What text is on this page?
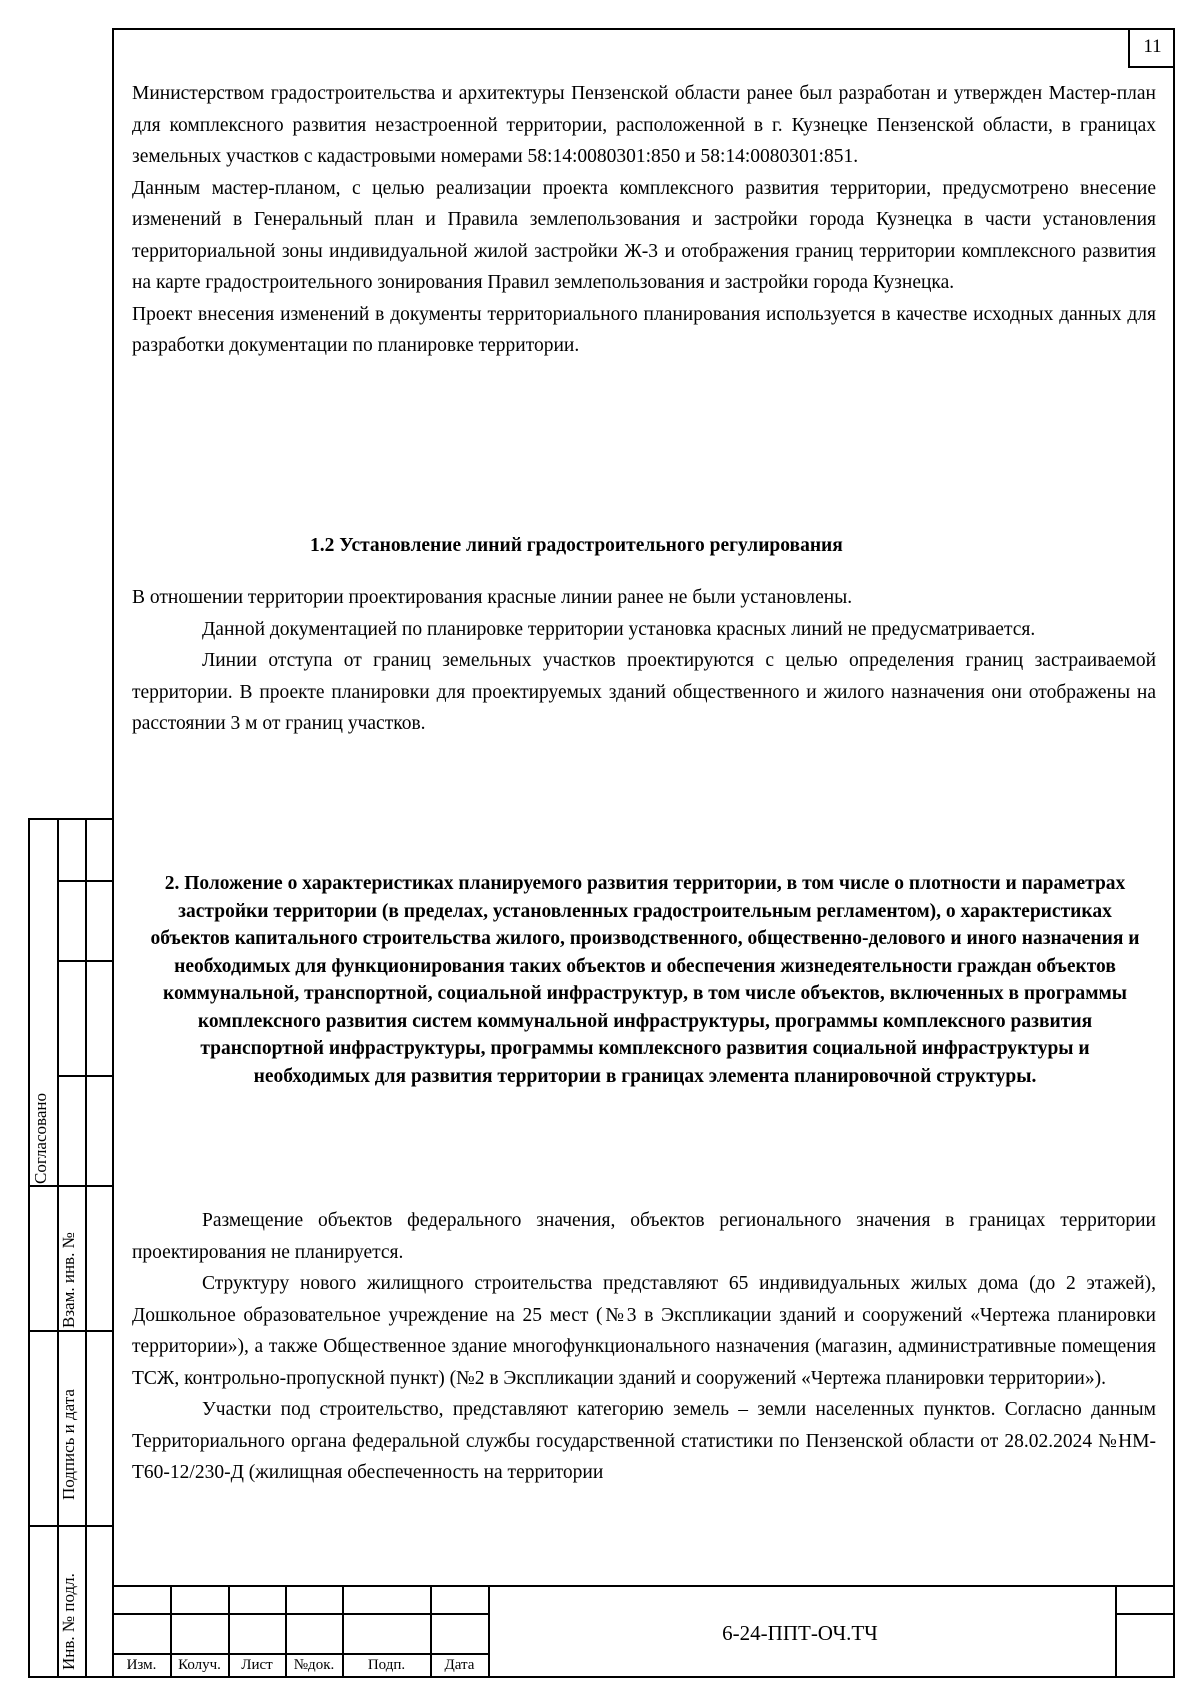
11

Министерством градостроительства и архитектуры Пензенской области ранее был разработан и утвержден Мастер-план для комплексного развития незастроенной территории, расположенной в г. Кузнецке Пензенской области, в границах земельных участков с кадастровыми номерами 58:14:0080301:850 и 58:14:0080301:851.

Данным мастер-планом, с целью реализации проекта комплексного развития территории, предусмотрено внесение изменений в Генеральный план и Правила землепользования и застройки города Кузнецка в части установления территориальной зоны индивидуальной жилой застройки Ж-3 и отображения границ территории комплексного развития на карте градостроительного зонирования Правил землепользования и застройки города Кузнецка.

Проект внесения изменений в документы территориального планирования используется в качестве исходных данных для разработки документации по планировке территории.

1.2 Установление линий градостроительного регулирования

В отношении территории проектирования красные линии ранее не были установлены.

Данной документацией по планировке территории установка красных линий не предусматривается.

Линии отступа от границ земельных участков проектируются с целью определения границ застраиваемой территории. В проекте планировки для проектируемых зданий общественного и жилого назначения они отображены на расстоянии 3 м от границ участков.

2. Положение о характеристиках планируемого развития территории, в том числе о плотности и параметрах застройки территории (в пределах, установленных градостроительным регламентом), о характеристиках объектов капитального строительства жилого, производственного, общественно-делового и иного назначения и необходимых для функционирования таких объектов и обеспечения жизнедеятельности граждан объектов коммунальной, транспортной, социальной инфраструктур, в том числе объектов, включенных в программы комплексного развития систем коммунальной инфраструктуры, программы комплексного развития транспортной инфраструктуры, программы комплексного развития социальной инфраструктуры и необходимых для развития территории в границах элемента планировочной структуры.

Размещение объектов федерального значения, объектов регионального значения в границах территории проектирования не планируется.

Структуру нового жилищного строительства представляют 65 индивидуальных жилых дома (до 2 этажей), Дошкольное образовательное учреждение на 25 мест (№3 в Экспликации зданий и сооружений «Чертежа планировки территории»), а также Общественное здание многофункционального назначения (магазин, административные помещения ТСЖ, контрольно-пропускной пункт) (№2 в Экспликации зданий и сооружений «Чертежа планировки территории»).

Участки под строительство, представляют категорию земель – земли населенных пунктов. Согласно данным Территориального органа федеральной службы государственной статистики по Пензенской области от 28.02.2024 №НМ-Т60-12/230-Д (жилищная обеспеченность на территории

Согласовано
Взам. инв. №
Подпись и дата
Инв. № подл.	Изм.	Колуч.	Лист	№док.	Подп.	Дата
6-24-ППТ-ОЧ.ТЧ
